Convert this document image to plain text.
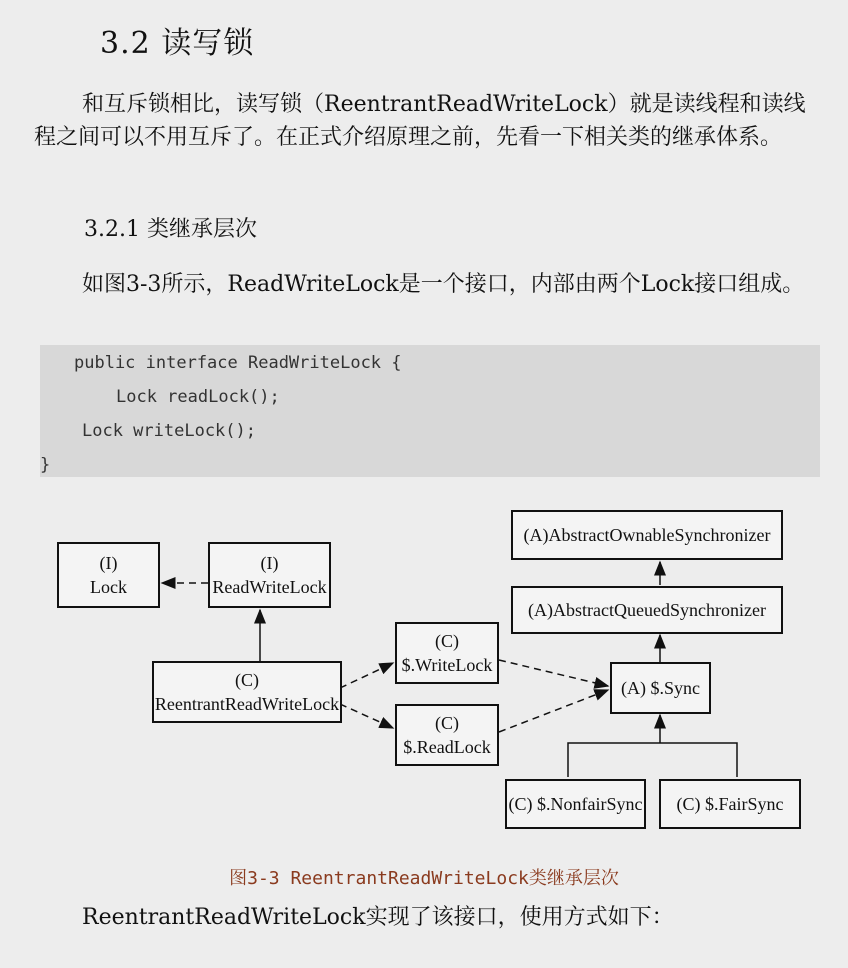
3.2 读写锁

和互斥锁相比，读写锁（ReentrantReadWriteLock）就是读线程和读线程之间可以不用互斥了。在正式介绍原理之前，先看一下相关类的继承体系。

3.2.1 类继承层次

如图3-3所示，ReadWriteLock是一个接口，内部由两个Lock接口组成。

public interface ReadWriteLock {
Lock readLock();
Lock writeLock();
}
(I)
Lock
(I)
ReadWriteLock
(C)
ReentrantReadWriteLock
(C)
$.WriteLock
(C)
$.ReadLock
(A)AbstractOwnableSynchronizer
(A)AbstractQueuedSynchronizer
(A) $.Sync
(C) $.NonfairSync (C) $.FairSync
图3-3 ReentrantReadWriteLock类继承层次
ReentrantReadWriteLock实现了该接口，使用方式如下：
